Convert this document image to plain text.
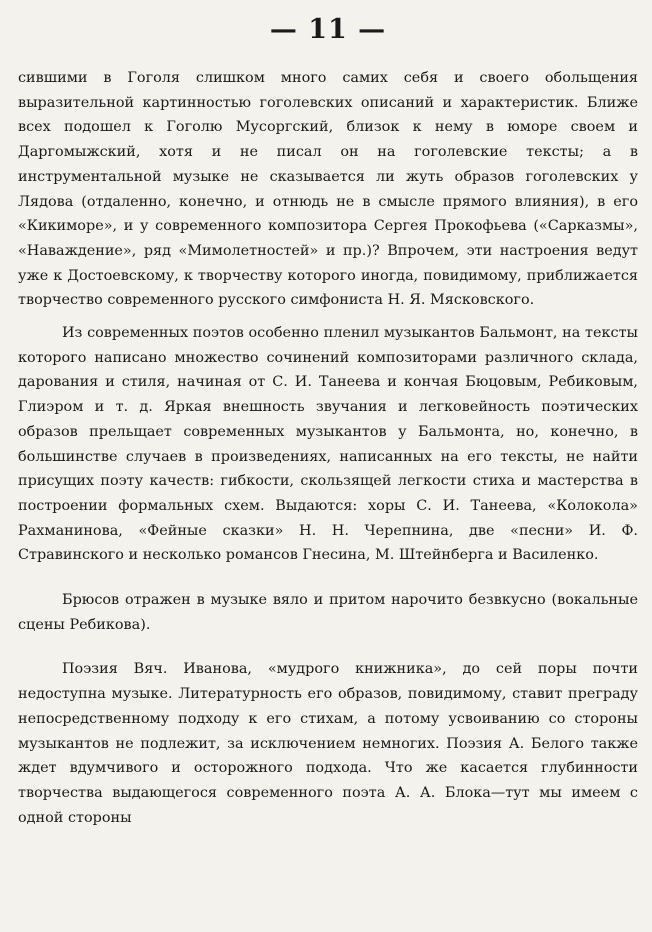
— 11 —

сившими в Гоголя слишком много самих себя и своего обольщения выразительной картинностью гоголевских описаний и характеристик. Ближе всех подошел к Гоголю Мусоргский, близок к нему в юморе своем и Даргомыжский, хотя и не писал он на гоголевские тексты; а в инструментальной музыке не сказывается ли жуть образов гоголевских у Лядова (отдаленно, конечно, и отнюдь не в смысле прямого влияния), в его «Кикиморе», и у современного композитора Сергея Прокофьева («Сарказмы», «Наваждение», ряд «Мимолетностей» и пр.)? Впрочем, эти настроения ведут уже к Достоевскому, к творчеству которого иногда, повидимому, приближается творчество современного русского симфониста Н. Я. Мясковского.

Из современных поэтов особенно пленил музыкантов Бальмонт, на тексты которого написано множество сочинений композиторами различного склада, дарования и стиля, начиная от С. И. Танеева и кончая Бюцовым, Ребиковым, Глиэром и т. д. Яркая внешность звучания и легковейность поэтических образов прельщает современных музыкантов у Бальмонта, но, конечно, в большинстве случаев в произведениях, написанных на его тексты, не найти присущих поэту качеств: гибкости, скользящей легкости стиха и мастерства в построении формальных схем. Выдаются: хоры С. И. Танеева, «Колокола» Рахманинова, «Фейные сказки» Н. Н. Черепнина, две «песни» И. Ф. Стравинского и несколько романсов Гнесина, М. Штейнберга и Василенко.

Брюсов отражен в музыке вяло и притом нарочито безвкусно (вокальные сцены Ребикова).

Поэзия Вяч. Иванова, «мудрого книжника», до сей поры почти недоступна музыке. Литературность его образов, повидимому, ставит преграду непосредственному подходу к его стихам, а потому усвоиванию со стороны музыкантов не подлежит, за исключением немногих. Поэзия А. Белого также ждет вдумчивого и осторожного подхода. Что же касается глубинности творчества выдающегося современного поэта А. А. Блока—тут мы имеем с одной стороны
